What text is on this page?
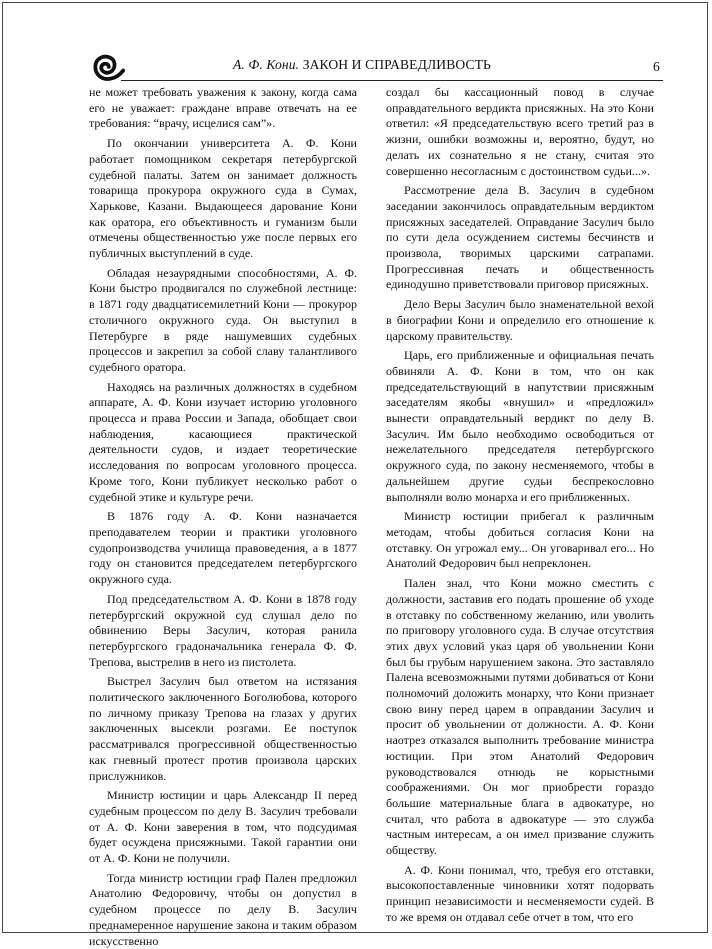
А. Ф. Кони. ЗАКОН И СПРАВЕДЛИВОСТЬ	6

не может требовать уважения к закону, когда сама его не уважает: граждане вправе отвечать на ее требования: “врачу, исцелися сам”».

По окончании университета А. Ф. Кони работает помощником секретаря петербургской судебной палаты. Затем он занимает должность товарища прокурора окружного суда в Сумах, Харькове, Казани. Выдающееся дарование Кони как оратора, его объективность и гуманизм были отмечены общественностью уже после первых его публичных выступлений в суде.

Обладая незаурядными способностями, А. Ф. Кони быстро продвигался по служебной лестнице: в 1871 году двадцатисемилетний Кони — прокурор столичного окружного суда. Он выступил в Петербурге в ряде нашумевших судебных процессов и закрепил за собой славу талантливого судебного оратора.

Находясь на различных должностях в судебном аппарате, А. Ф. Кони изучает историю уголовного процесса и права России и Запада, обобщает свои наблюдения, касающиеся практической деятельности судов, и издает теоретические исследования по вопросам уголовного процесса. Кроме того, Кони публикует несколько работ о судебной этике и культуре речи.

В 1876 году А. Ф. Кони назначается преподавателем теории и практики уголовного судопроизводства училища правоведения, а в 1877 году он становится председателем петербургского окружного суда.

Под председательством А. Ф. Кони в 1878 году петербургский окружной суд слушал дело по обвинению Веры Засулич, которая ранила петербургского градоначальника генерала Ф. Ф. Трепова, выстрелив в него из пистолета.

Выстрел Засулич был ответом на истязания политического заключенного Боголюбова, которого по личному приказу Трепова на глазах у других заключенных высекли розгами. Ее поступок рассматривался прогрессивной общественностью как гневный протест против произвола царских прислужников.

Министр юстиции и царь Александр II перед судебным процессом по делу В. Засулич требовали от А. Ф. Кони заверения в том, что подсудимая будет осуждена присяжными. Такой гарантии они от А. Ф. Кони не получили.

Тогда министр юстиции граф Пален предложил Анатолию Федоровичу, чтобы он допустил в судебном процессе по делу В. Засулич преднамеренное нарушение закона и таким образом искусственно

создал бы кассационный повод в случае оправдательного вердикта присяжных. На это Кони ответил: «Я председательствую всего третий раз в жизни, ошибки возможны и, вероятно, будут, но делать их сознательно я не стану, считая это совершенно несогласным с достоинством судьи...».

Рассмотрение дела В. Засулич в судебном заседании закончилось оправдательным вердиктом присяжных заседателей. Оправдание Засулич было по сути дела осуждением системы бесчинств и произвола, творимых царскими сатрапами. Прогрессивная печать и общественность единодушно приветствовали приговор присяжных.

Дело Веры Засулич было знаменательной вехой в биографии Кони и определило его отношение к царскому правительству.

Царь, его приближенные и официальная печать обвиняли А. Ф. Кони в том, что он как председательствующий в напутствии присяжным заседателям якобы «внушил» и «предложил» вынести оправдательный вердикт по делу В. Засулич. Им было необходимо освободиться от нежелательного председателя петербургского окружного суда, по закону несменяемого, чтобы в дальнейшем другие судьи беспрекословно выполняли волю монарха и его приближенных.

Министр юстиции прибегал к различным методам, чтобы добиться согласия Кони на отставку. Он угрожал ему... Он уговаривал его... Но Анатолий Федорович был непреклонен.

Пален знал, что Кони можно сместить с должности, заставив его подать прошение об уходе в отставку по собственному желанию, или уволить по приговору уголовного суда. В случае отсутствия этих двух условий указ царя об увольнении Кони был бы грубым нарушением закона. Это заставляло Палена всевозможными путями добиваться от Кони полномочий доложить монарху, что Кони признает свою вину перед царем в оправдании Засулич и просит об увольнении от должности. А. Ф. Кони наотрез отказался выполнить требование министра юстиции. При этом Анатолий Федорович руководствовался отнюдь не корыстными соображениями. Он мог приобрести гораздо большие материальные блага в адвокатуре, но считал, что работа в адвокатуре — это служба частным интересам, а он имел призвание служить обществу.

А. Ф. Кони понимал, что, требуя его отставки, высокопоставленные чиновники хотят подорвать принцип независимости и несменяемости судей. В то же время он отдавал себе отчет в том, что его
